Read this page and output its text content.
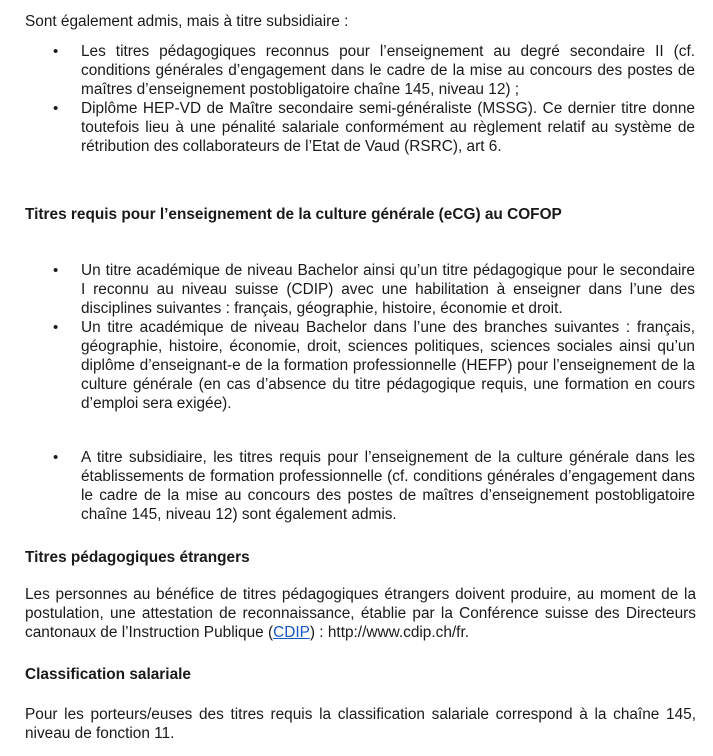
Sont également admis, mais à titre subsidiaire :

• Les titres pédagogiques reconnus pour l’enseignement au degré secondaire II (cf. conditions générales d’engagement dans le cadre de la mise au concours des postes de maîtres d’enseignement postobligatoire chaîne 145, niveau 12) ;
• Diplôme HEP-VD de Maître secondaire semi-généraliste (MSSG). Ce dernier titre donne toutefois lieu à une pénalité salariale conformément au règlement relatif au système de rétribution des collaborateurs de l’Etat de Vaud (RSRC), art 6.
Titres requis pour l’enseignement de la culture générale (eCG) au COFOP
• Un titre académique de niveau Bachelor ainsi qu’un titre pédagogique pour le secondaire I reconnu au niveau suisse (CDIP) avec une habilitation à enseigner dans l’une des disciplines suivantes : français, géographie, histoire, économie et droit.
• Un titre académique de niveau Bachelor dans l’une des branches suivantes : français, géographie, histoire, économie, droit, sciences politiques, sciences sociales ainsi qu’un diplôme d’enseignant-e de la formation professionnelle (HEFP) pour l’enseignement de la culture générale (en cas d’absence du titre pédagogique requis, une formation en cours d’emploi sera exigée).
• A titre subsidiaire, les titres requis pour l’enseignement de la culture générale dans les établissements de formation professionnelle (cf. conditions générales d’engagement dans le cadre de la mise au concours des postes de maîtres d’enseignement postobligatoire chaîne 145, niveau 12) sont également admis.
Titres pédagogiques étrangers

Les personnes au bénéfice de titres pédagogiques étrangers doivent produire, au moment de la postulation, une attestation de reconnaissance, établie par la Conférence suisse des Directeurs cantonaux de l’Instruction Publique (CDIP) : http://www.cdip.ch/fr.

Classification salariale

Pour les porteurs/euses des titres requis la classification salariale correspond à la chaîne 145, niveau de fonction 11.
